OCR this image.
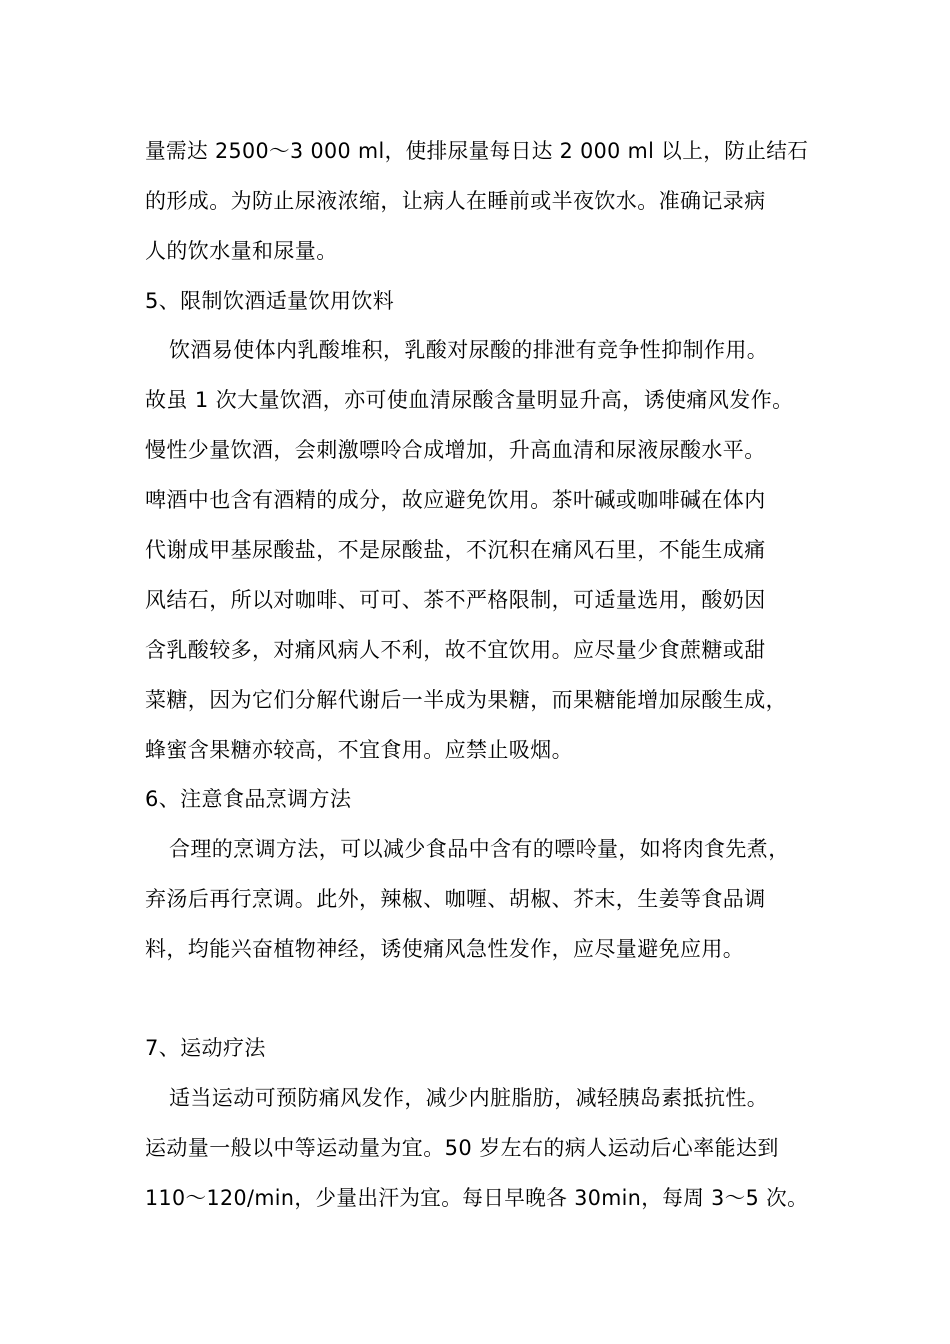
量需达 2500～3 000 ml，使排尿量每日达 2 000 ml 以上，防止结石
的形成。为防止尿液浓缩，让病人在睡前或半夜饮水。准确记录病
人的饮水量和尿量。
5、限制饮酒适量饮用饮料
饮酒易使体内乳酸堆积，乳酸对尿酸的排泄有竞争性抑制作用。
故虽 1 次大量饮酒，亦可使血清尿酸含量明显升高，诱使痛风发作。
慢性少量饮酒，会刺激嘌呤合成增加，升高血清和尿液尿酸水平。
啤酒中也含有酒精的成分，故应避免饮用。茶叶碱或咖啡碱在体内
代谢成甲基尿酸盐，不是尿酸盐，不沉积在痛风石里，不能生成痛
风结石，所以对咖啡、可可、茶不严格限制，可适量选用，酸奶因
含乳酸较多，对痛风病人不利，故不宜饮用。应尽量少食蔗糖或甜
菜糖，因为它们分解代谢后一半成为果糖，而果糖能增加尿酸生成，
蜂蜜含果糖亦较高，不宜食用。应禁止吸烟。
6、注意食品烹调方法
合理的烹调方法，可以减少食品中含有的嘌呤量，如将肉食先煮，
弃汤后再行烹调。此外，辣椒、咖喱、胡椒、芥末，生姜等食品调
料，均能兴奋植物神经，诱使痛风急性发作，应尽量避免应用。
7、运动疗法
适当运动可预防痛风发作，减少内脏脂肪，减轻胰岛素抵抗性。
运动量一般以中等运动量为宜。50 岁左右的病人运动后心率能达到
110～120/min，少量出汗为宜。每日早晚各 30min，每周 3～5 次。
